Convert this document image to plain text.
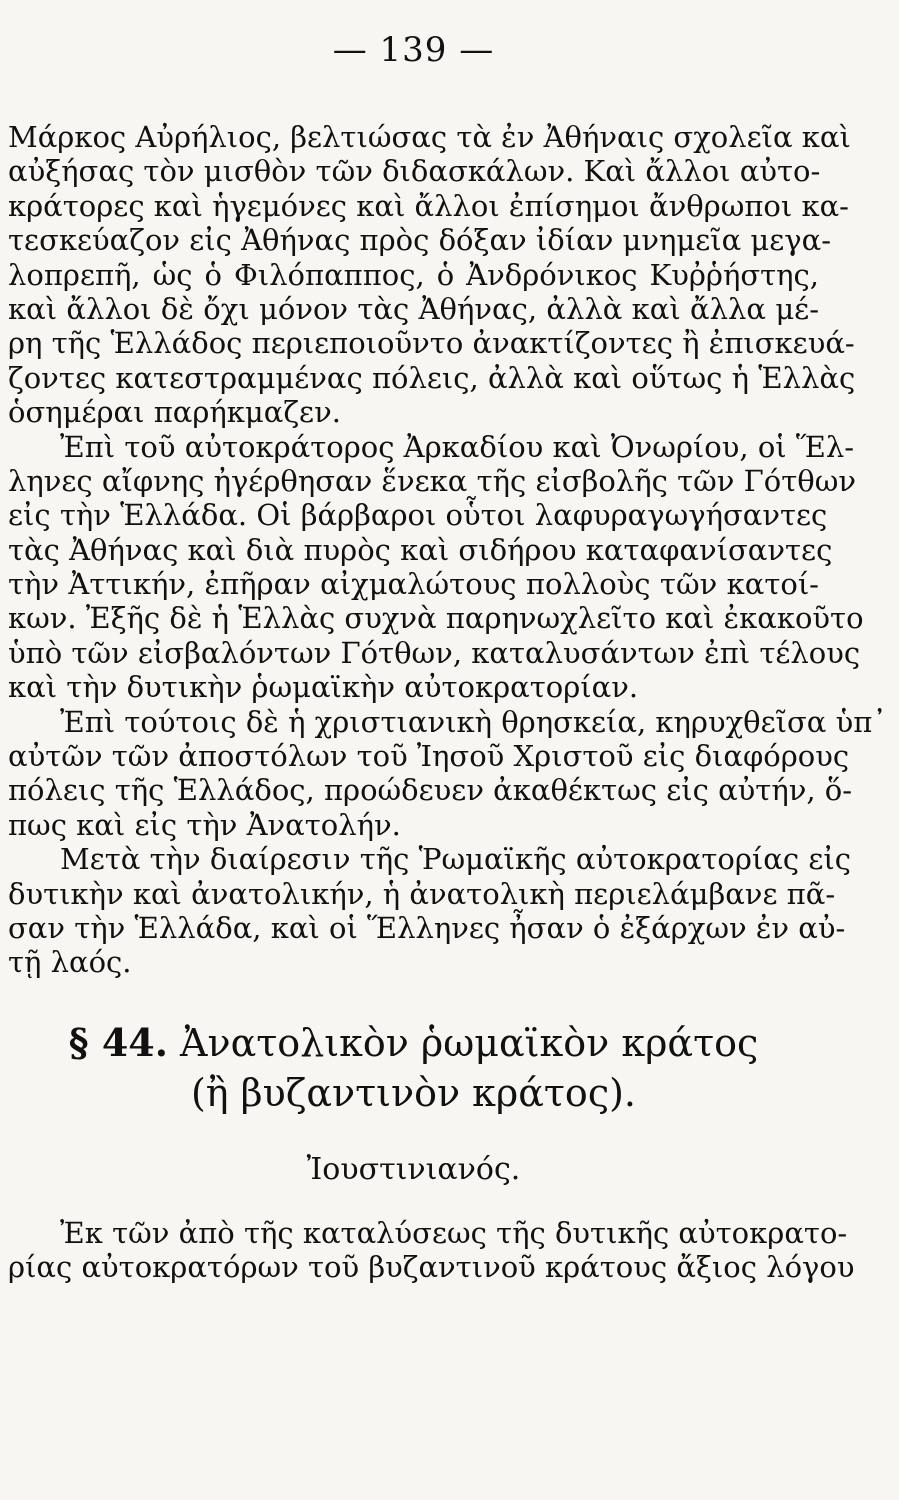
— 139 —
Μάρκος Αὐρήλιος, βελτιώσας τὰ ἐν Ἀθήναις σχολεῖα καὶ
αὐξήσας τὸν μισθὸν τῶν διδασκάλων. Καὶ ἄλλοι αὐτο-
κράτορες καὶ ἡγεμόνες καὶ ἄλλοι ἐπίσημοι ἄνθρωποι κα-
τεσκεύαζον εἰς Ἀθήνας πρὸς δόξαν ἰδίαν μνημεῖα μεγα-
λοπρεπῆ, ὡς ὁ Φιλόπαππος, ὁ Ἀνδρόνικος Κυῤῥήστης,
καὶ ἄλλοι δὲ ὄχι μόνον τὰς Ἀθήνας, ἀλλὰ καὶ ἄλλα μέ-
ρη τῆς Ἑλλάδος περιεποιοῦντο ἀνακτίζοντες ἢ ἐπισκευά-
ζοντες κατεστραμμένας πόλεις, ἀλλὰ καὶ οὕτως ἡ Ἑλλὰς
ὁσημέραι παρήκμαζεν.
Ἐπὶ τοῦ αὐτοκράτορος Ἀρκαδίου καὶ Ὀνωρίου, οἱ Ἕλ-
ληνες αἴφνης ἠγέρθησαν ἕνεκα τῆς εἰσβολῆς τῶν Γότθων
εἰς τὴν Ἑλλάδα. Οἱ βάρβαροι οὗτοι λαφυραγωγήσαντες
τὰς Ἀθήνας καὶ διὰ πυρὸς καὶ σιδήρου καταφανίσαντες
τὴν Ἀττικήν, ἐπῆραν αἰχμαλώτους πολλοὺς τῶν κατοί-
κων. Ἐξῆς δὲ ἡ Ἑλλὰς συχνὰ παρηνωχλεῖτο καὶ ἐκακοῦτο
ὑπὸ τῶν εἰσβαλόντων Γότθων, καταλυσάντων ἐπὶ τέλους
καὶ τὴν δυτικὴν ῥωμαϊκὴν αὐτοκρατορίαν.
Ἐπὶ τούτοις δὲ ἡ χριστιανικὴ θρησκεία, κηρυχθεῖσα ὑπ᾽
αὐτῶν τῶν ἀποστόλων τοῦ Ἰησοῦ Χριστοῦ εἰς διαφόρους
πόλεις τῆς Ἑλλάδος, προώδευεν ἀκαθέκτως εἰς αὐτήν, ὅ-
πως καὶ εἰς τὴν Ἀνατολήν.
Μετὰ τὴν διαίρεσιν τῆς Ῥωμαϊκῆς αὐτοκρατορίας εἰς
δυτικὴν καὶ ἀνατολικήν, ἡ ἀνατολικὴ περιελάμβανε πᾶ-
σαν τὴν Ἑλλάδα, καὶ οἱ Ἕλληνες ἦσαν ὁ ἐξάρχων ἐν αὐ-
τῇ λαός.
§ 44. Ἀνατολικὸν ῥωμαϊκὸν κράτος
(ἢ βυζαντινὸν κράτος).
Ἰουστινιανός.
Ἐκ τῶν ἀπὸ τῆς καταλύσεως τῆς δυτικῆς αὐτοκρατο-
ρίας αὐτοκρατόρων τοῦ βυζαντινοῦ κράτους ἄξιος λόγου
